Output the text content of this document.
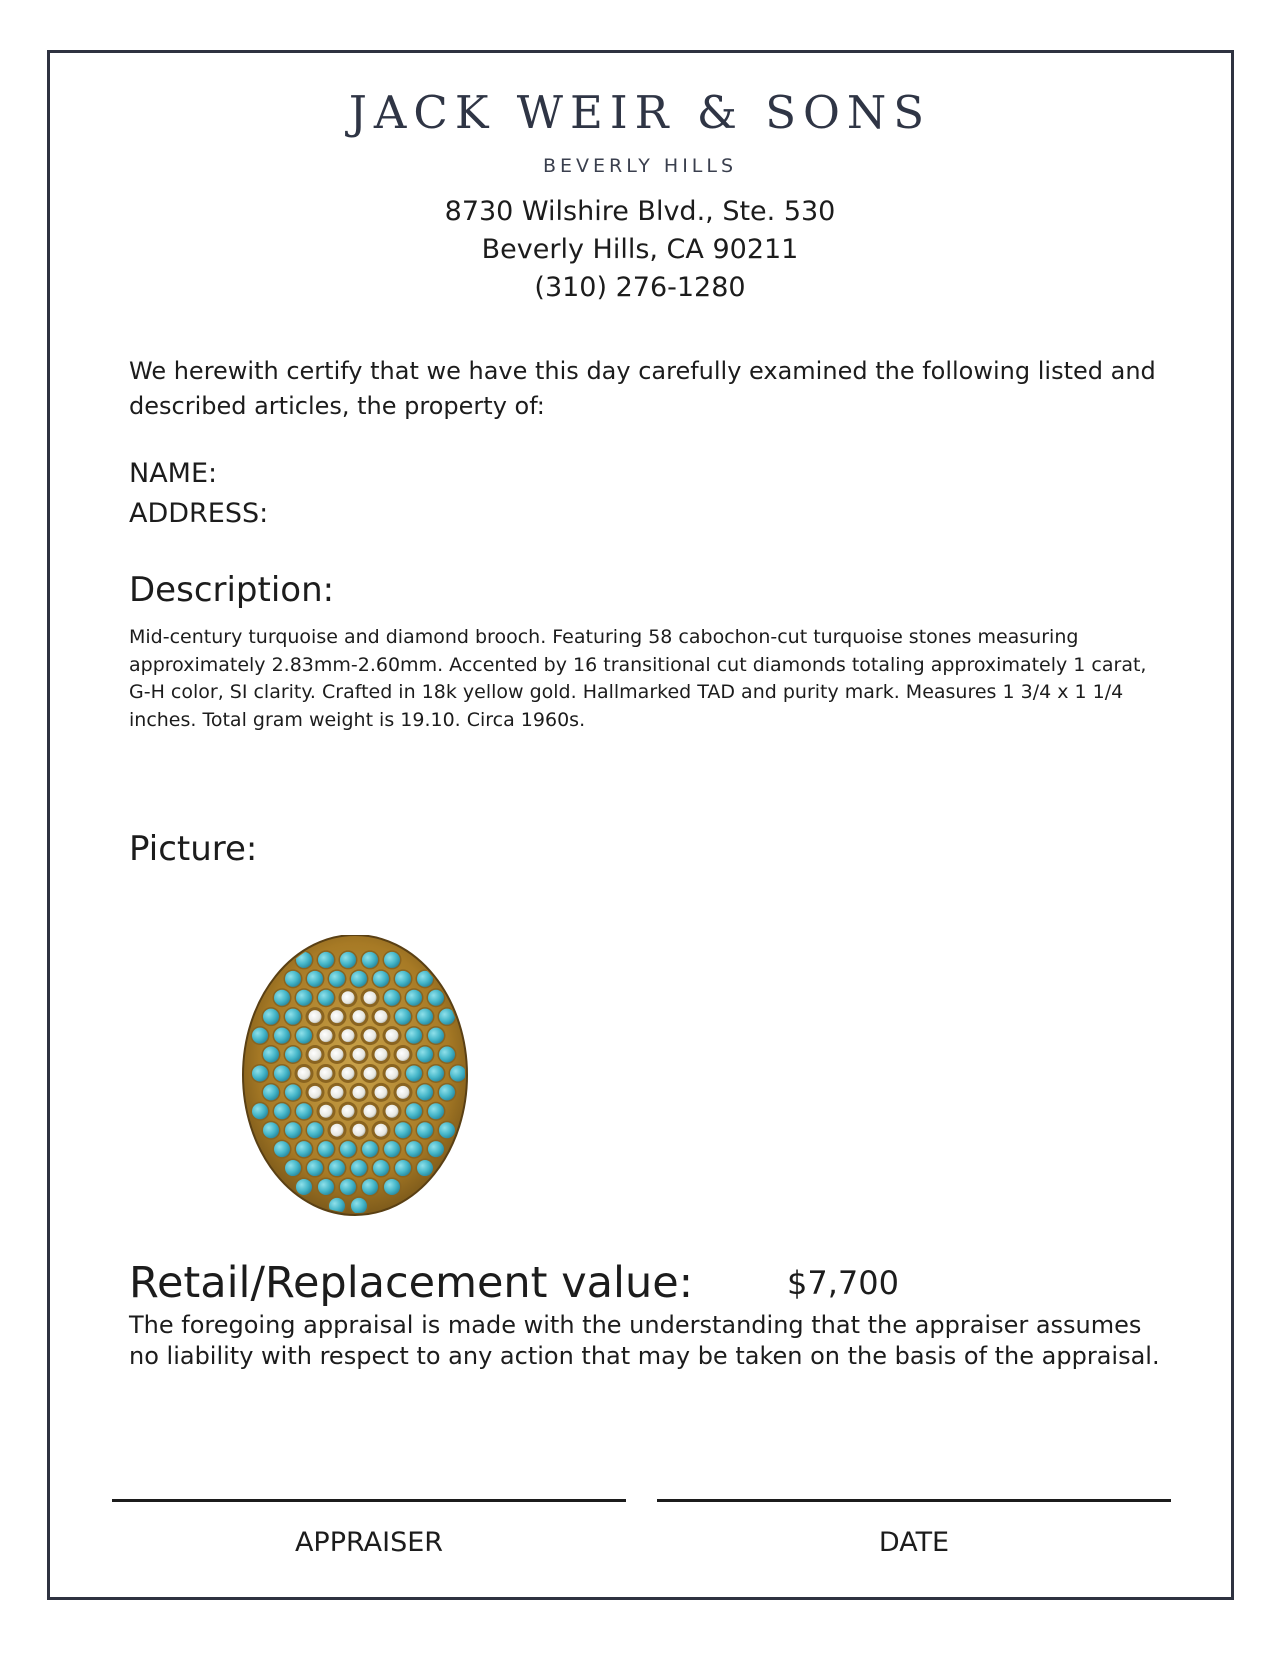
JACK WEIR & SONS
BEVERLY HILLS
8730 Wilshire Blvd., Ste. 530
Beverly Hills, CA 90211
(310) 276-1280
We herewith certify that we have this day carefully examined the following listed and described articles, the property of:
NAME:
ADDRESS:
Description:
Mid-century turquoise and diamond brooch. Featuring 58 cabochon-cut turquoise stones measuring approximately 2.83mm-2.60mm. Accented by 16 transitional cut diamonds totaling approximately 1 carat, G-H color, SI clarity. Crafted in 18k yellow gold. Hallmarked TAD and purity mark. Measures 1 3/4 x 1 1/4 inches. Total gram weight is 19.10. Circa 1960s.
Picture:
Retail/Replacement value:	$7,700
The foregoing appraisal is made with the understanding that the appraiser assumes no liability with respect to any action that may be taken on the basis of the appraisal.
APPRAISER	DATE
